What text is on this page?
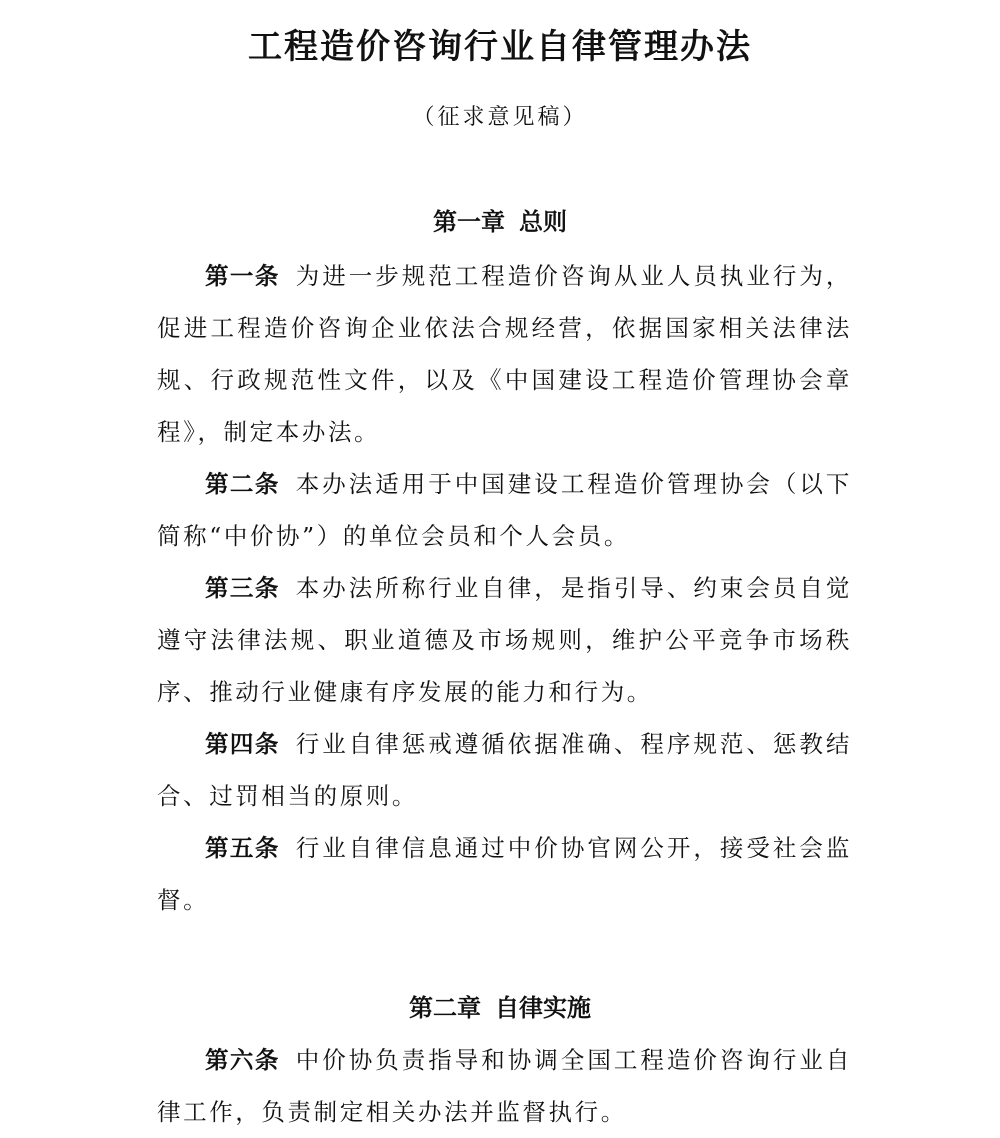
工程造价咨询行业自律管理办法
（征求意见稿）
第一章 总则

第一条 为进一步规范工程造价咨询从业人员执业行为，促进工程造价咨询企业依法合规经营，依据国家相关法律法规、行政规范性文件，以及《中国建设工程造价管理协会章程》，制定本办法。

第二条 本办法适用于中国建设工程造价管理协会（以下简称“中价协”）的单位会员和个人会员。

第三条 本办法所称行业自律，是指引导、约束会员自觉遵守法律法规、职业道德及市场规则，维护公平竞争市场秩序、推动行业健康有序发展的能力和行为。

第四条 行业自律惩戒遵循依据准确、程序规范、惩教结合、过罚相当的原则。

第五条 行业自律信息通过中价协官网公开，接受社会监督。

第二章 自律实施

第六条 中价协负责指导和协调全国工程造价咨询行业自律工作，负责制定相关办法并监督执行。
